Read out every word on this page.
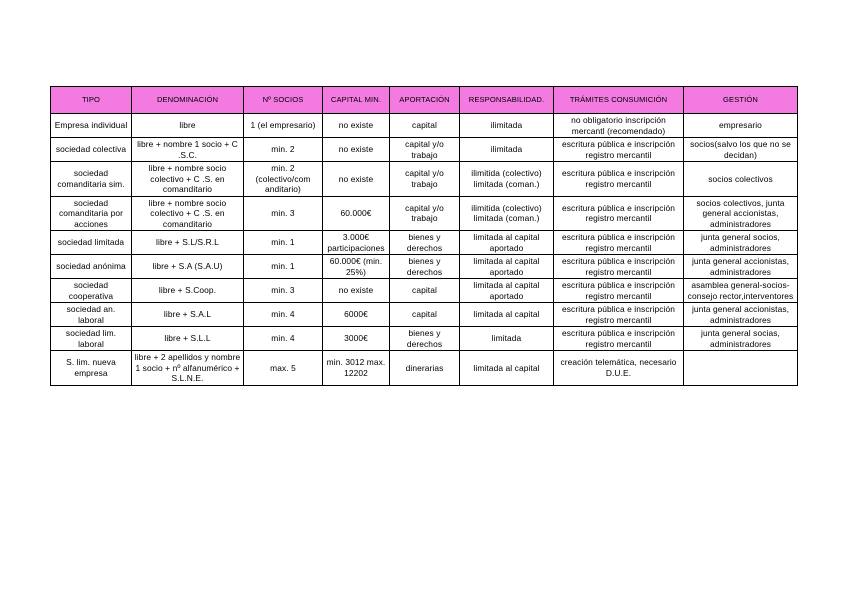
TIPO	DENOMINACIÓN	Nº SOCIOS	CAPITAL MIN.	APORTACIÓN	RESPONSABILIDAD.	TRÁMITES CONSUMICIÓN	GESTIÓN
Empresa individual	libre	1 (el empresario)	no existe	capital	ilimitada	no obligatorio inscripción mercantl (recomendado)	empresario
sociedad colectiva	libre + nombre 1 socio + C .S.C.	min. 2	no existe	capital y/o trabajo	ilimitada	escritura pública e inscripción registro mercantil	socios(salvo los que no se decidan)
sociedad comanditaria sim.	libre + nombre socio colectivo + C .S. en comanditario	min. 2 (colectivo/com anditario)	no existe	capital y/o trabajo	ilimitida (colectivo) limitada (coman.)	escritura pública e inscripción registro mercantil	socios colectivos
sociedad comanditaria por acciones	libre + nombre socio colectivo + C .S. en comanditario	min. 3	60.000€	capital y/o trabajo	ilimitida (colectivo) limitada (coman.)	escritura pública e inscripción registro mercantil	socios colectivos, junta general accionistas, administradores
sociedad limitada	libre + S.L/S.R.L	min. 1	3.000€ participaciones	bienes y derechos	limitada al capital aportado	escritura pública e inscripción registro mercantil	junta general socios, administradores
sociedad anónima	libre + S.A (S.A.U)	min. 1	60.000€ (min. 25%)	bienes y derechos	limitada al capital aportado	escritura pública e inscripción registro mercantil	junta general accionistas, administradores
sociedad cooperativa	libre + S.Coop.	min. 3	no existe	capital	limitada al capital aportado	escritura pública e inscripción registro mercantil	asamblea general-socios- consejo rector,interventores
sociedad an. laboral	libre + S.A.L	min. 4	6000€	capital	limitada al capital	escritura pública e inscripción registro mercantil	junta general accionistas, administradores
sociedad lim. laboral	libre + S.L.L	min. 4	3000€	bienes y derechos	limitada	escritura pública e inscripción registro mercantil	junta general socias, administradores
S. lim. nueva empresa	libre + 2 apellidos y nombre 1 socio + nº alfanumérico + S.L.N.E.	max. 5	min. 3012 max. 12202	dinerarias	limitada al capital	creación telemática, necesario D.U.E.	
